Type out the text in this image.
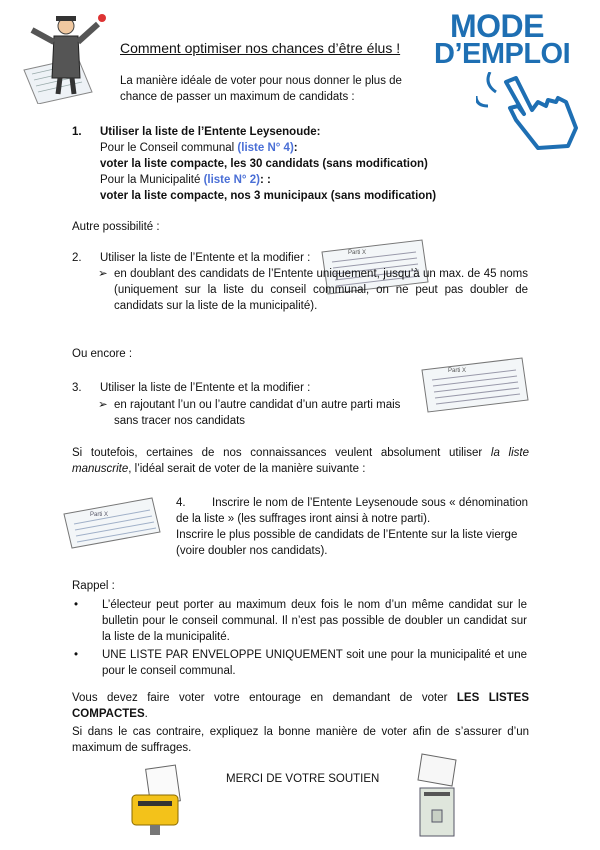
Comment optimiser nos chances d’être élus !
La manière idéale de voter pour nous donner le plus de chance de passer un maximum de candidats :
MODE
D’EMPLOI
1. Utiliser la liste de l’Entente Leysenoude:
Pour le Conseil communal (liste N° 4):
voter la liste compacte, les 30 candidats (sans modification)
Pour la Municipalité (liste N° 2): :
voter la liste compacte, nos 3 municipaux (sans modification)
Autre possibilité :
2. Utiliser la liste de l’Entente et la modifier :	Parti X
➢ en doublant des candidats de l’Entente uniquement, jusqu’à un max. de 45 noms (uniquement sur la liste du conseil communal, on ne peut pas doubler de candidats sur la liste de la municipalité).
Ou encore :
3. Utiliser la liste de l’Entente et la modifier :
➢ en rajoutant l’un ou l’autre candidat d’un autre parti mais sans tracer nos candidats
Parti X
Si toutefois, certaines de nos connaissances veulent absolument utiliser la liste manuscrite, l’idéal serait de voter de la manière suivante :
Parti X
4. Inscrire le nom de l’Entente Leysenoude sous « dénomination de la liste » (les suffrages iront ainsi à notre parti).
Inscrire le plus possible de candidats de l’Entente sur la liste vierge (voire doubler nos candidats).
Rappel :
•	L’électeur peut porter au maximum deux fois le nom d’un même candidat sur le bulletin pour le conseil communal. Il n’est pas possible de doubler un candidat sur la liste de la municipalité.
•	UNE LISTE PAR ENVELOPPE UNIQUEMENT soit une pour la municipalité et une pour le conseil communal.
Vous devez faire voter votre entourage en demandant de voter LES LISTES COMPACTES.
Si dans le cas contraire, expliquez la bonne manière de voter afin de s’assurer d’un maximum de suffrages.
MERCI DE VOTRE SOUTIEN
